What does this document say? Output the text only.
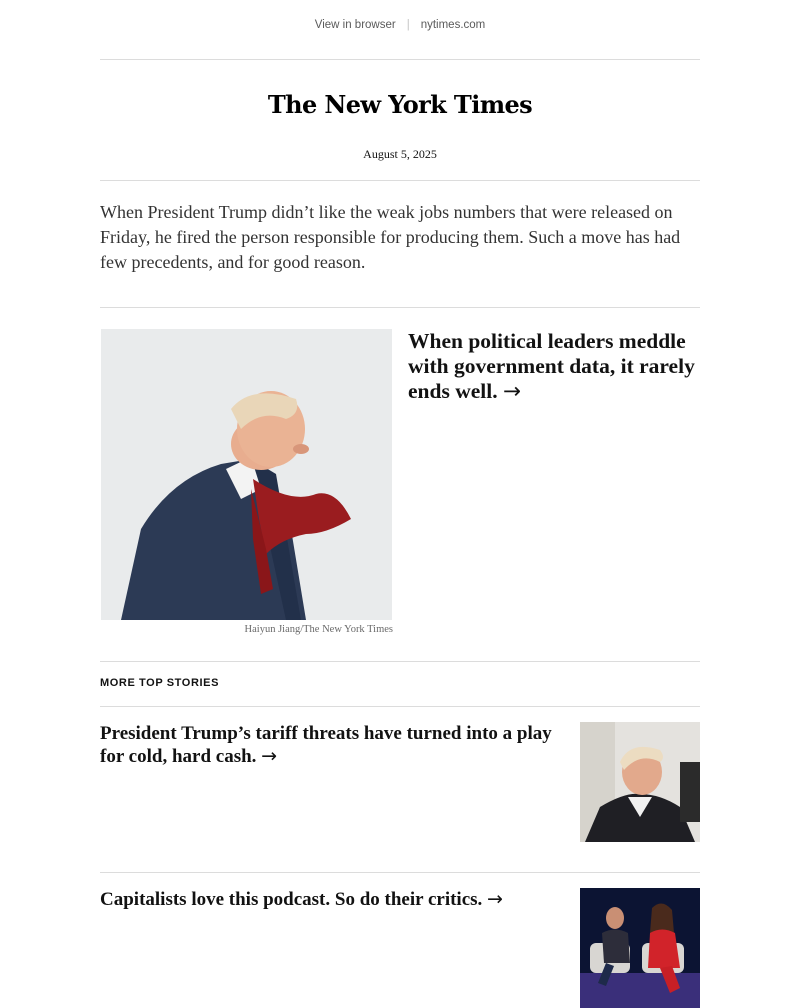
View in browser | nytimes.com
The New York Times
August 5, 2025

When President Trump didn’t like the weak jobs numbers that were released on Friday, he fired the person responsible for producing them. Such a move has had few precedents, and for good reason.

Haiyun Jiang/The New York Times
When political leaders meddle with government data, it rarely ends well. →
MORE TOP STORIES
President Trump’s tariff threats have turned into a play for cold, hard cash. →
Capitalists love this podcast. So do their critics. →
